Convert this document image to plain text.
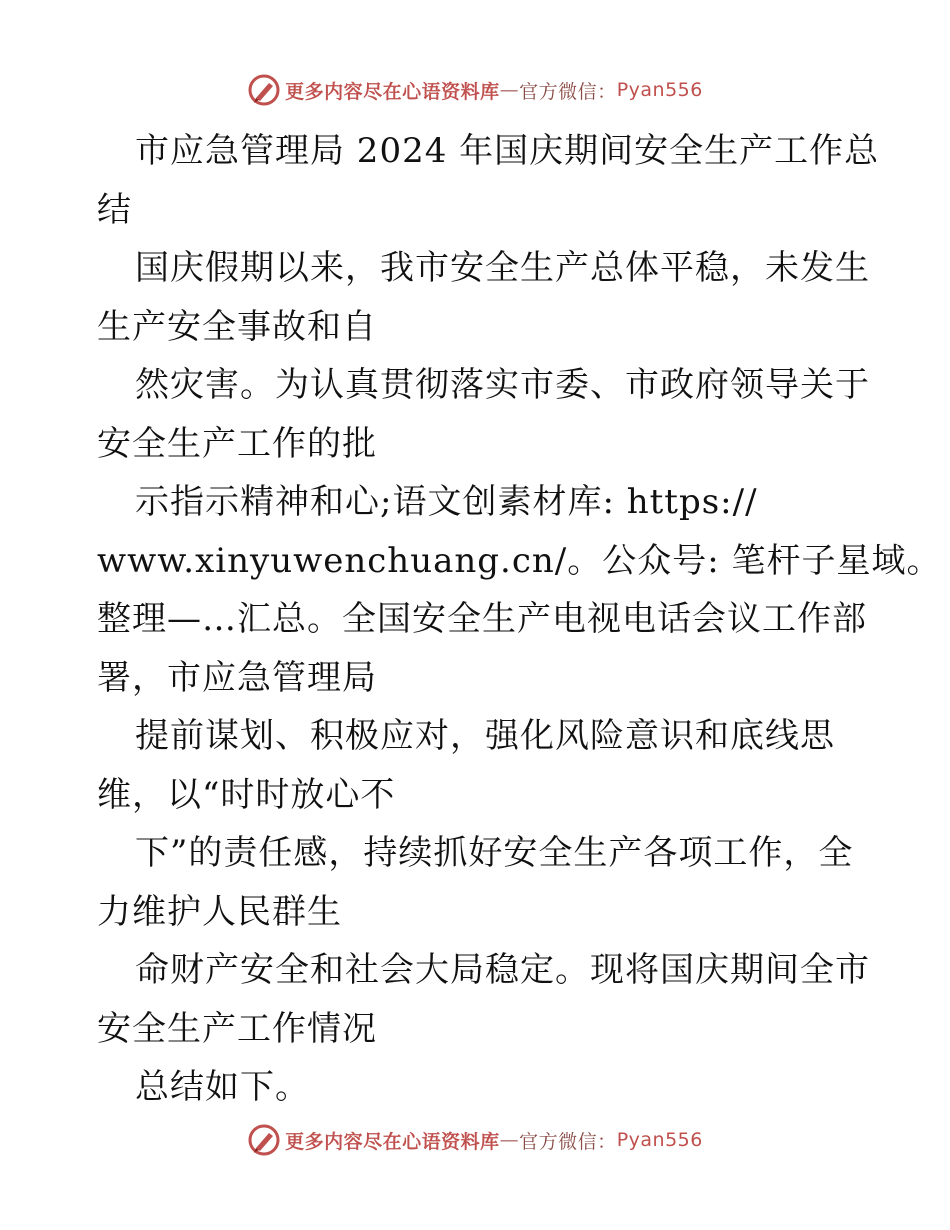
更多内容尽在心语资料库 — 官方微信： Pyan556
市应急管理局 2024 年国庆期间安全生产工作总
结
国庆假期以来，我市安全生产总体平稳，未发生
生产安全事故和自
然灾害。为认真贯彻落实市委、市政府领导关于
安全生产工作的批
示指示精神和心;语文创素材库: https://
www.xinyuwenchuang.cn/。公众号: 笔杆子星域。
整理—…汇总。全国安全生产电视电话会议工作部
署，市应急管理局
提前谋划、积极应对，强化风险意识和底线思
维，以“时时放心不
下”的责任感，持续抓好安全生产各项工作，全
力维护人民群生
命财产安全和社会大局稳定。现将国庆期间全市
安全生产工作情况
总结如下。
更多内容尽在心语资料库 — 官方微信： Pyan556
